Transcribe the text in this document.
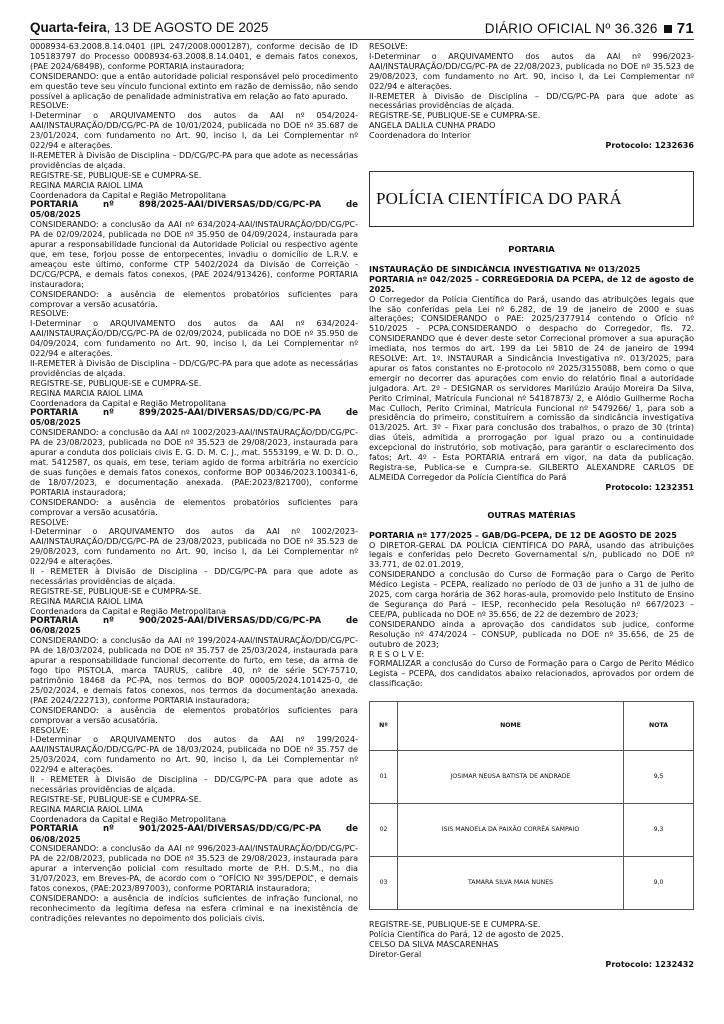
Quarta-feira, 13 DE AGOSTO DE 2025	DIÁRIO OFICIAL Nº 36.326 71

0008934-63.2008.8.14.0401 (IPL 247/2008.0001287), conforme decisão de ID 105183797 do Processo 0008934-63.2008.8.14.0401, e demais fatos conexos, (PAE 2024/68498), conforme PORTARIA instauradora;

CONSIDERANDO: que a então autoridade policial responsável pelo procedimento em questão teve seu vínculo funcional extinto em razão de demissão, não sendo possível a aplicação de penalidade administrativa em relação ao fato apurado.

RESOLVE:

I-Determinar o ARQUIVAMENTO dos autos da AAI nº 054/2024-AAI/INSTAURAÇÃO/DD/CG/PC-PA de 10/01/2024, publicada no DOE nº 35.687 de 23/01/2024, com fundamento no Art. 90, inciso I, da Lei Complementar nº 022/94 e alterações.

II-REMETER à Divisão de Disciplina – DD/CG/PC-PA para que adote as necessárias providências de alçada.

REGISTRE-SE, PUBLIQUE-SE e CUMPRA-SE.

REGINA MARCIA RAIOL LIMA

Coordenadora da Capital e Região Metropolitana

PORTARIA	nº	898/2025-AAI/DIVERSAS/DD/CG/PC-PA	de

05/08/2025

CONSIDERANDO: a conclusão da AAI nº 634/2024-AAI/INSTAURAÇÃO/DD/CG/PC-PA de 02/09/2024, publicada no DOE nº 35.950 de 04/09/2024, instaurada para apurar a responsabilidade funcional da Autoridade Policial ou respectivo agente que, em tese, forjou posse de entorpecentes, invadiu o domicílio de L.R.V. e ameaçou este último, conforme CTP 5402/2024 da Divisão de Correição - DC/CG/PCPA, e demais fatos conexos, (PAE 2024/913426), conforme PORTARIA instauradora;

CONSIDERANDO: a ausência de elementos probatórios suficientes para comprovar a versão acusatória.

RESOLVE:

I-Determinar o ARQUIVAMENTO dos autos da AAI nº 634/2024-AAI/INSTAURAÇÃO/DD/CG/PC-PA de 02/09/2024, publicada no DOE nº 35.950 de 04/09/2024, com fundamento no Art. 90, inciso I, da Lei Complementar nº 022/94 e alterações.

II-REMETER à Divisão de Disciplina – DD/CG/PC-PA para que adote as necessárias providências de alçada.

REGISTRE-SE, PUBLIQUE-SE e CUMPRA-SE.

REGINA MARCIA RAIOL LIMA

Coordenadora da Capital e Região Metropolitana

PORTARIA	nº	899/2025-AAI/DIVERSAS/DD/CG/PC-PA	de

05/08/2025

CONSIDERANDO: a conclusão da AAI nº 1002/2023-AAI/INSTAURAÇÃO/DD/CG/PC-PA de 23/08/2023, publicada no DOE nº 35.523 de 29/08/2023, instaurada para apurar a conduta dos policiais civis E. G. D. M. C. J., mat. 5553199, e W. D. D. O., mat. 5412587, os quais, em tese, teriam agido de forma arbitrária no exercício de suas funções e demais fatos conexos, conforme BOP 00346/2023.100341-6, de 18/07/2023, e documentação anexada. (PAE:2023/821700), conforme PORTARIA instauradora;

CONSIDERANDO: a ausência de elementos probatórios suficientes para comprovar a versão acusatória.

RESOLVE:

I-Determinar o ARQUIVAMENTO dos autos da AAI nº 1002/2023-AAI/INSTAURAÇÃO/DD/CG/PC-PA de 23/08/2023, publicada no DOE nº 35.523 de 29/08/2023, com fundamento no Art. 90, inciso I, da Lei Complementar nº 022/94 e alterações.

II - REMETER à Divisão de Disciplina – DD/CG/PC-PA para que adote as necessárias providências de alçada.

REGISTRE-SE, PUBLIQUE-SE e CUMPRA-SE.

REGINA MARCIA RAIOL LIMA

Coordenadora da Capital e Região Metropolitana

PORTARIA	nº	900/2025-AAI/DIVERSAS/DD/CG/PC-PA	de

06/08/2025

CONSIDERANDO: a conclusão da AAI nº 199/2024-AAI/INSTAURAÇÃO/DD/CG/PC-PA de 18/03/2024, publicada no DOE nº 35.757 de 25/03/2024, instaurada para apurar a responsabilidade funcional decorrente do furto, em tese, da arma de fogo tipo PISTOLA, marca TAURUS, calibre .40, nº de série SCY-75710, patrimônio 18468 da PC-PA, nos termos do BOP 00005/2024.101425-0, de 25/02/2024, e demais fatos conexos, nos termos da documentação anexada. (PAE 2024/222713), conforme PORTARIA instauradora;

CONSIDERANDO: a ausência de elementos probatórios suficientes para comprovar a versão acusatória.

RESOLVE:

I-Determinar o ARQUIVAMENTO dos autos da AAI nº 199/2024-AAI/INSTAURAÇÃO/DD/CG/PC-PA de 18/03/2024, publicada no DOE nº 35.757 de 25/03/2024, com fundamento no Art. 90, inciso I, da Lei Complementar nº 022/94 e alterações.

II - REMETER à Divisão de Disciplina – DD/CG/PC-PA para que adote as necessárias providências de alçada.

REGISTRE-SE, PUBLIQUE-SE e CUMPRA-SE.

REGINA MARCIA RAIOL LIMA

Coordenadora da Capital e Região Metropolitana

PORTARIA	nº	901/2025-AAI/DIVERSAS/DD/CG/PC-PA	de

06/08/2025

CONSIDERANDO: a conclusão da AAI nº 996/2023-AAI/INSTAURAÇÃO/DD/CG/PC-PA de 22/08/2023, publicada no DOE nº 35.523 de 29/08/2023, instaurada para apurar a intervenção policial com resultado morte de P.H. D.S.M., no dia 31/07/2023, em Breves-PA, de acordo com o “OFÍCIO Nº 395/DEPOL”, e demais fatos conexos, (PAE:2023/897003), conforme PORTARIA instauradora;

CONSIDERANDO: a ausência de indícios suficientes de infração funcional, no reconhecimento da legítima defesa na esfera criminal e na inexistência de contradições relevantes no depoimento dos policiais civis.

RESOLVE:

I-Determinar o ARQUIVAMENTO dos autos da AAI nº 996/2023-AAI/INSTAURAÇÃO/DD/CG/PC-PA de 22/08/2023, publicada no DOE nº 35.523 de 29/08/2023, com fundamento no Art. 90, inciso I, da Lei Complementar nº 022/94 e alterações.

II-REMETER à Divisão de Disciplina – DD/CG/PC-PA para que adote as necessárias providências de alçada.

REGISTRE-SE, PUBLIQUE-SE e CUMPRA-SE.

ANGELA DALILA CUNHA PRADO

Coordenadora do Interior

Protocolo: 1232636

POLÍCIA CIENTÍFICA DO PARÁ
PORTARIA

INSTAURAÇÃO DE SINDICÂNCIA INVESTIGATIVA Nº 013/2025

PORTARIA nº 042/2025 – CORREGEDORIA DA PCEPA, de 12 de agosto de 2025.

O Corregedor da Polícia Científica do Pará, usando das atribuições legais que lhe são conferidas pela Lei nº 6.282, de 19 de janeiro de 2000 e suas alterações; CONSIDERANDO o PAE: 2025/2377914 contendo o Ofício nº 510/2025 – PCPA.CONSIDERANDO o despacho do Corregedor, fls. 72. CONSIDERANDO que é dever deste setor Correcional promover a sua apuração imediata, nos termos do art. 199 da Lei 5810 de 24 de janeiro de 1994 RESOLVE: Art. 1º. INSTAURAR a Sindicância Investigativa nº. 013/2025, para apurar os fatos constantes no E-protocolo nº 2025/3155088, bem como o que emergir no decorrer das apurações com envio do relatório final a autoridade julgadora. Art. 2º – DESIGNAR os servidores Marilúzio Araújo Moreira Da Silva, Perito Criminal, Matrícula Funcional nº 54187873/ 2, e Alódio Guilherme Rocha Mac Culloch, Perito Criminal, Matrícula Funcional nº 5479266/ 1, para sob a presidência do primeiro, constituírem a comissão da sindicância investigativa 013/2025. Art. 3º – Fixar para conclusão dos trabalhos, o prazo de 30 (trinta) dias úteis, admitida a prorrogação por igual prazo ou a continuidade excepcional do instrutório, sob motivação, para garantir o esclarecimento dos fatos; Art. 4º – Esta PORTARIA entrará em vigor, na data da publicação. Registra-se, Publica-se e Cumpra-se. GILBERTO ALEXANDRE CARLOS DE ALMEIDA Corregedor da Polícia Científica do Pará

Protocolo: 1232351

OUTRAS MATÉRIAS

PORTARIA nº 177/2025 – GAB/DG-PCEPA, DE 12 DE AGOSTO DE 2025

O DIRETOR-GERAL DA POLÍCIA CIENTÍFICA DO PARÁ, usando das atribuições legais e conferidas pelo Decreto Governamental s/n, publicado no DOE nº 33.771, de 02.01.2019,

CONSIDERANDO a conclusão do Curso de Formação para o Cargo de Perito Médico Legista – PCEPA, realizado no período de 03 de junho a 31 de julho de 2025, com carga horária de 362 horas-aula, promovido pelo Instituto de Ensino de Segurança do Pará – IESP, reconhecido pela Resolução nº 667/2023 – CEE/PA, publicada no DOE nº 35.656, de 22 de dezembro de 2023;

CONSIDERANDO ainda a aprovação dos candidatos sub judice, conforme Resolução nº 474/2024 – CONSUP, publicada no DOE nº 35.656, de 25 de outubro de 2023;

R E S O L V E:

FORMALIZAR a conclusão do Curso de Formação para o Cargo de Perito Médico Legista – PCEPA, dos candidatos abaixo relacionados, aprovados por ordem de classificação:

Nº	NOME	NOTA
01	JOSIMAR NEUSA BATISTA DE ANDRADE	9,5
02	ISIS MANOELA DA PAIXÃO CORRÊA SAMPAIO	9,3
03	TAMARA SILVA MAIA NUNES	9,0

REGISTRE-SE, PUBLIQUE-SE E CUMPRA-SE.

Polícia Científica do Pará, 12 de agosto de 2025.

CELSO DA SILVA MASCARENHAS

Diretor-Geral

Protocolo: 1232432
